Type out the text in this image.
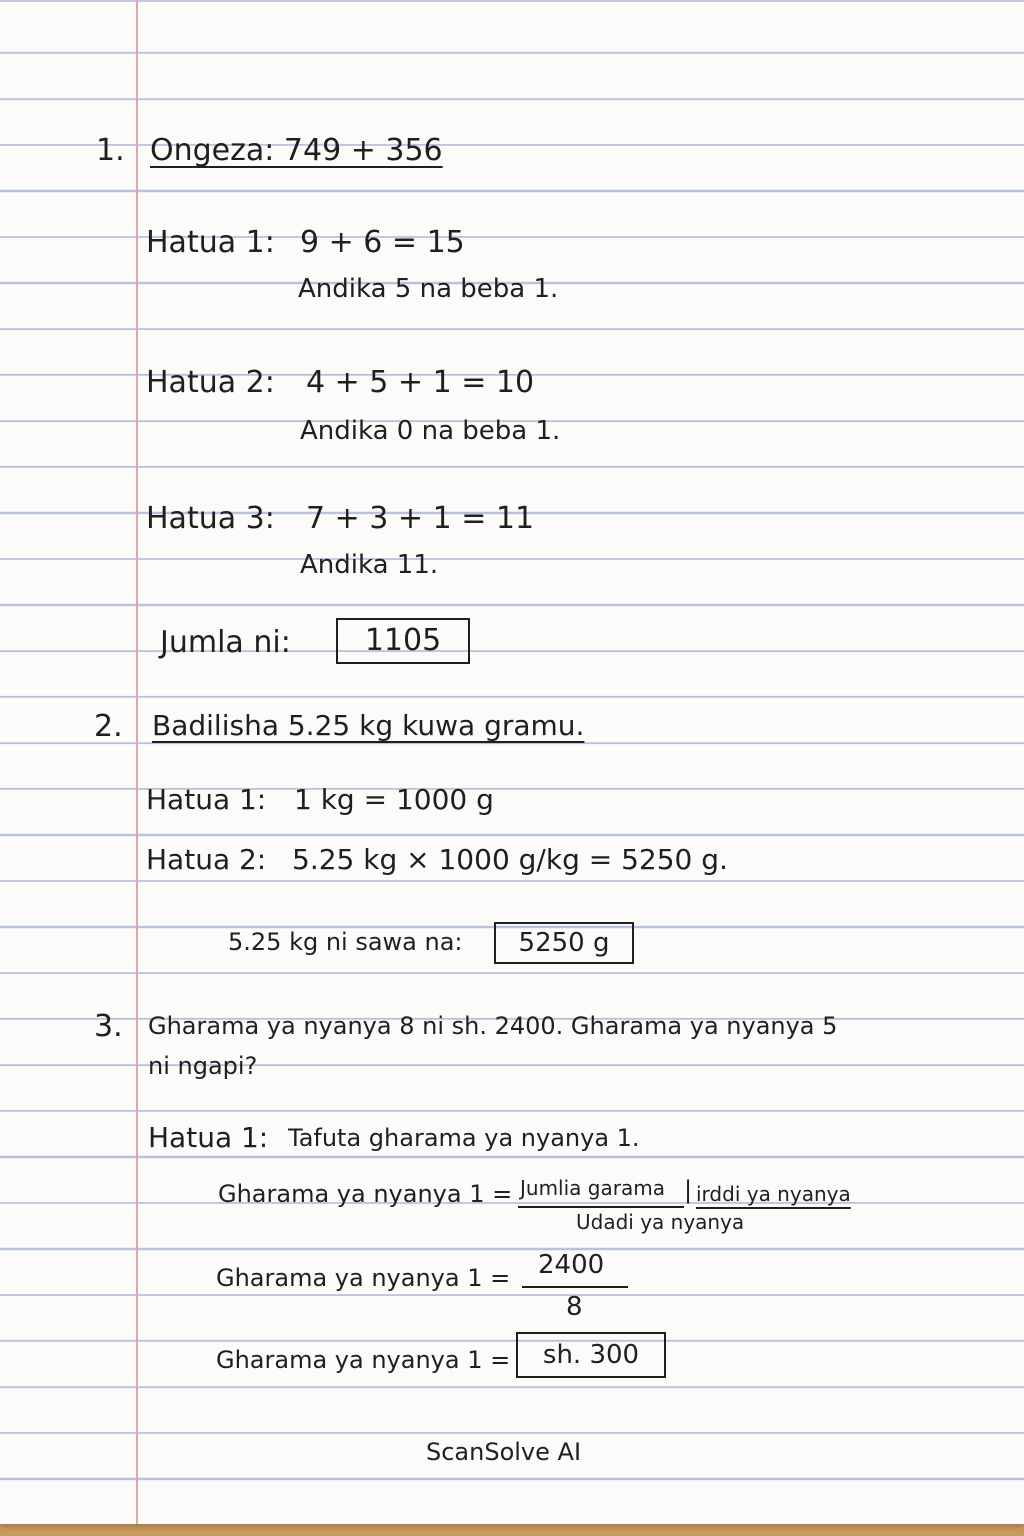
1. Ongeza: 749 + 356
Hatua 1: 9 + 6 = 15
Andika 5 na beba 1.
Hatua 2: 4 + 5 + 1 = 10
Andika 0 na beba 1.
Hatua 3: 7 + 3 + 1 = 11
Andika 11.
Jumla ni:	1105
2. Badilisha 5.25 kg kuwa gramu.
Hatua 1: 1 kg = 1000 g
Hatua 2: 5.25 kg × 1000 g/kg = 5250 g.
5.25 kg ni sawa na:	5250 g
3. Gharama ya nyanya 8 ni sh. 2400. Gharama ya nyanya 5
ni ngapi?
Hatua 1: Tafuta gharama ya nyanya 1.
Gharama ya nyanya 1 = Jumlia garama | irddi ya nyanya
Udadi ya nyanya
Gharama ya nyanya 1 = 2400
8
Gharama ya nyanya 1 =	sh. 300
ScanSolve AI
